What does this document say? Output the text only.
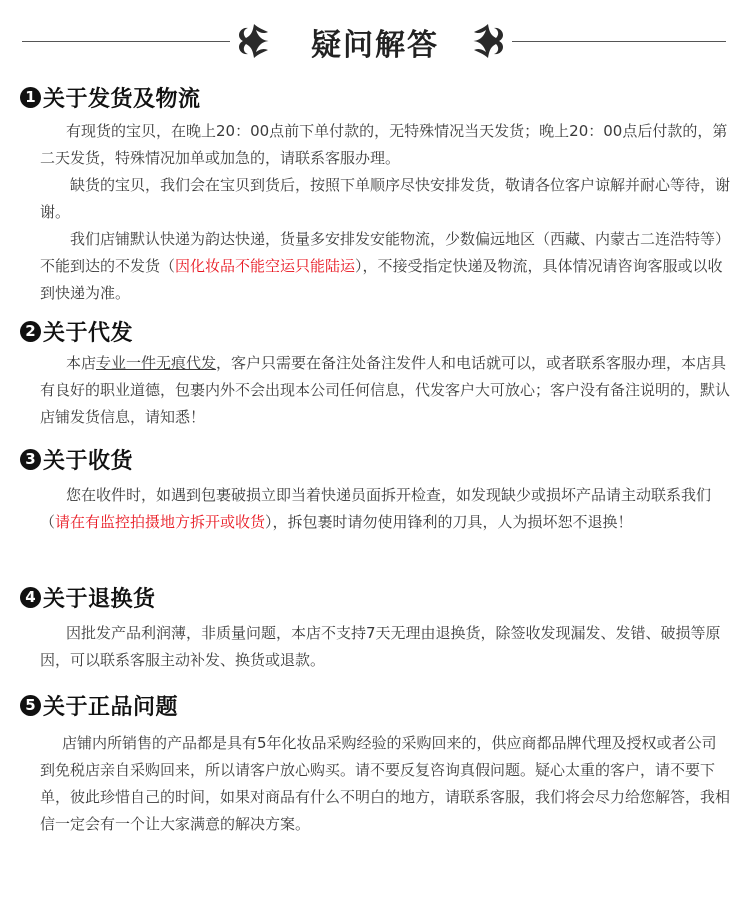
疑问解答
1 关于发货及物流

有现货的宝贝，在晚上20：00点前下单付款的，无特殊情况当天发货；晚上20：00点后付款的，第二天发货，特殊情况加单或加急的，请联系客服办理。

缺货的宝贝，我们会在宝贝到货后，按照下单顺序尽快安排发货，敬请各位客户谅解并耐心等待，谢谢。

我们店铺默认快递为韵达快递，货量多安排发安能物流，少数偏远地区（西藏、内蒙古二连浩特等）不能到达的不发货（因化妆品不能空运只能陆运），不接受指定快递及物流，具体情况请咨询客服或以收到快递为准。

2 关于代发

本店专业一件无痕代发，客户只需要在备注处备注发件人和电话就可以，或者联系客服办理，本店具有良好的职业道德，包裹内外不会出现本公司任何信息，代发客户大可放心；客户没有备注说明的，默认店铺发货信息，请知悉！

3 关于收货

您在收件时，如遇到包裹破损立即当着快递员面拆开检查，如发现缺少或损坏产品请主动联系我们（请在有监控拍摄地方拆开或收货），拆包裹时请勿使用锋利的刀具，人为损坏恕不退换！

4 关于退换货

因批发产品利润薄，非质量问题，本店不支持7天无理由退换货，除签收发现漏发、发错、破损等原因，可以联系客服主动补发、换货或退款。

5 关于正品问题

店铺内所销售的产品都是具有5年化妆品采购经验的采购回来的，供应商都品牌代理及授权或者公司到免税店亲自采购回来，所以请客户放心购买。请不要反复咨询真假问题。疑心太重的客户，请不要下单，彼此珍惜自己的时间，如果对商品有什么不明白的地方，请联系客服，我们将会尽力给您解答，我相信一定会有一个让大家满意的解决方案。
